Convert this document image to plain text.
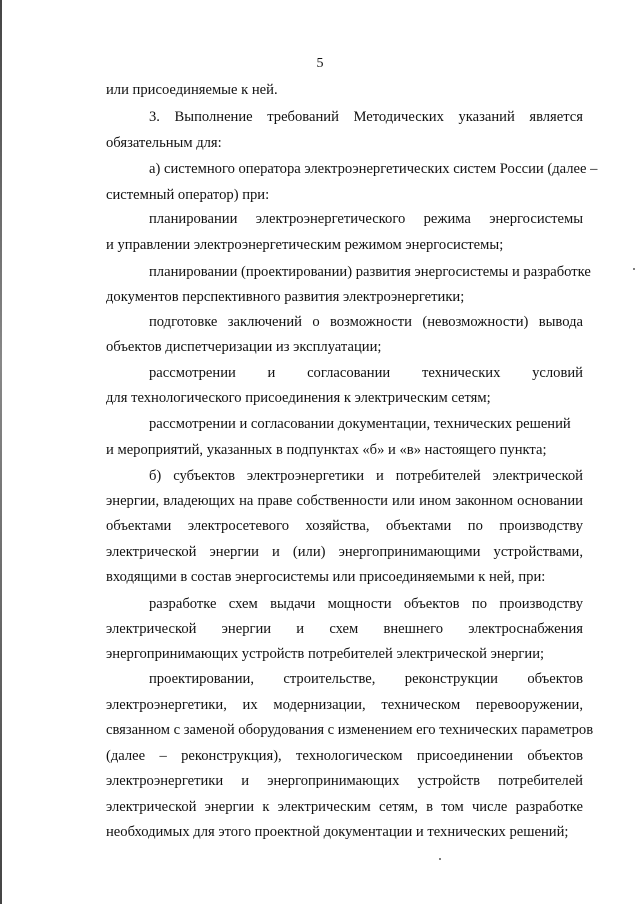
5
или присоединяемые к ней.
3. Выполнение требований Методических указаний является
обязательным для:
а) системного оператора электроэнергетических систем России (далее –
системный оператор) при:
планировании электроэнергетического режима энергосистемы
и управлении электроэнергетическим режимом энергосистемы;
планировании (проектировании) развития энергосистемы и разработке
документов перспективного развития электроэнергетики;
подготовке заключений о возможности (невозможности) вывода
объектов диспетчеризации из эксплуатации;
рассмотрении и согласовании технических условий
для технологического присоединения к электрическим сетям;
рассмотрении и согласовании документации, технических решений
и мероприятий, указанных в подпунктах «б» и «в» настоящего пункта;
б) субъектов электроэнергетики и потребителей электрической
энергии, владеющих на праве собственности или ином законном основании
объектами электросетевого хозяйства, объектами по производству
электрической энергии и (или) энергопринимающими устройствами,
входящими в состав энергосистемы или присоединяемыми к ней, при:
разработке схем выдачи мощности объектов по производству
электрической энергии и схем внешнего электроснабжения
энергопринимающих устройств потребителей электрической энергии;
проектировании, строительстве, реконструкции объектов
электроэнергетики, их модернизации, техническом перевооружении,
связанном с заменой оборудования с изменением его технических параметров
(далее – реконструкция), технологическом присоединении объектов
электроэнергетики и энергопринимающих устройств потребителей
электрической энергии к электрическим сетям, в том числе разработке
необходимых для этого проектной документации и технических решений;
